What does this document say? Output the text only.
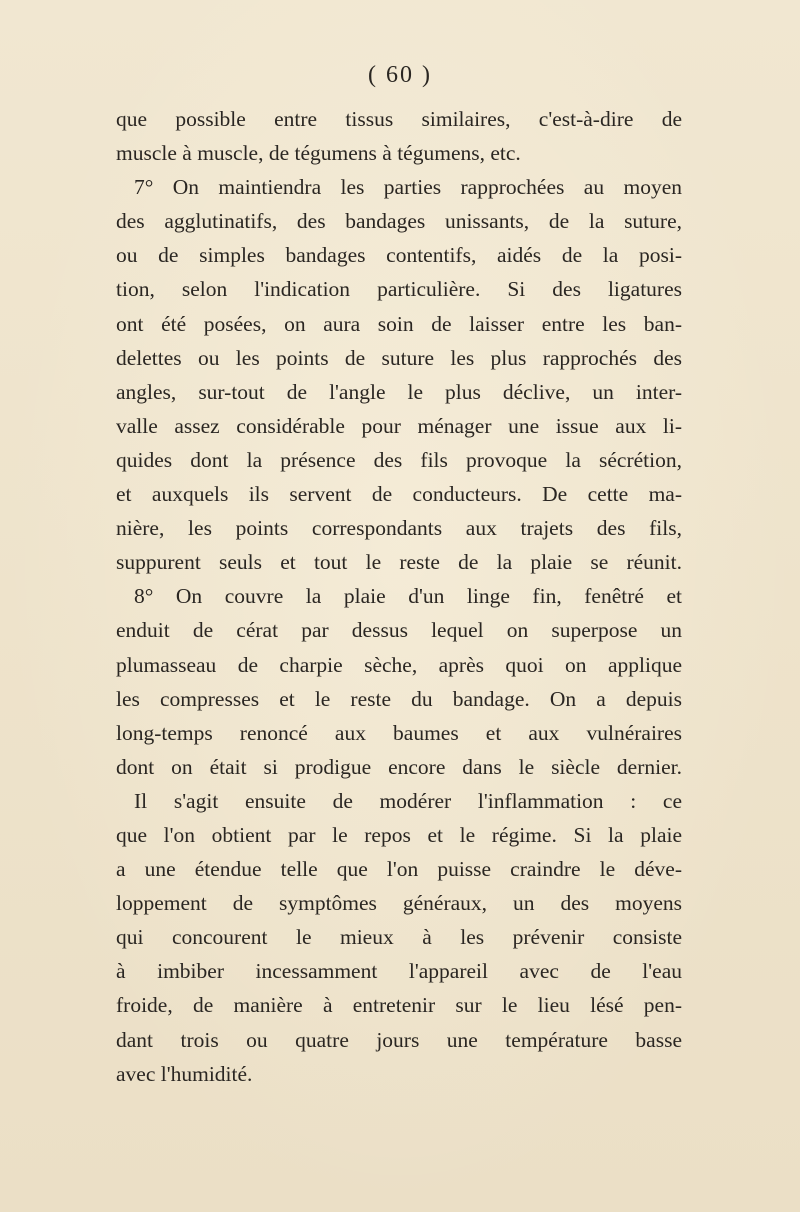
( 60 )
que possible entre tissus similaires, c'est-à-dire de
muscle à muscle, de tégumens à tégumens, etc.
7° On maintiendra les parties rapprochées au moyen
des agglutinatifs, des bandages unissants, de la suture,
ou de simples bandages contentifs, aidés de la posi-
tion, selon l'indication particulière. Si des ligatures
ont été posées, on aura soin de laisser entre les ban-
delettes ou les points de suture les plus rapprochés des
angles, sur-tout de l'angle le plus déclive, un inter-
valle assez considérable pour ménager une issue aux li-
quides dont la présence des fils provoque la sécrétion,
et auxquels ils servent de conducteurs. De cette ma-
nière, les points correspondants aux trajets des fils,
suppurent seuls et tout le reste de la plaie se réunit.
8° On couvre la plaie d'un linge fin, fenêtré et
enduit de cérat par dessus lequel on superpose un
plumasseau de charpie sèche, après quoi on applique
les compresses et le reste du bandage. On a depuis
long-temps renoncé aux baumes et aux vulnéraires
dont on était si prodigue encore dans le siècle dernier.
Il s'agit ensuite de modérer l'inflammation : ce
que l'on obtient par le repos et le régime. Si la plaie
a une étendue telle que l'on puisse craindre le déve-
loppement de symptômes généraux, un des moyens
qui concourent le mieux à les prévenir consiste
à imbiber incessamment l'appareil avec de l'eau
froide, de manière à entretenir sur le lieu lésé pen-
dant trois ou quatre jours une température basse
avec l'humidité.
